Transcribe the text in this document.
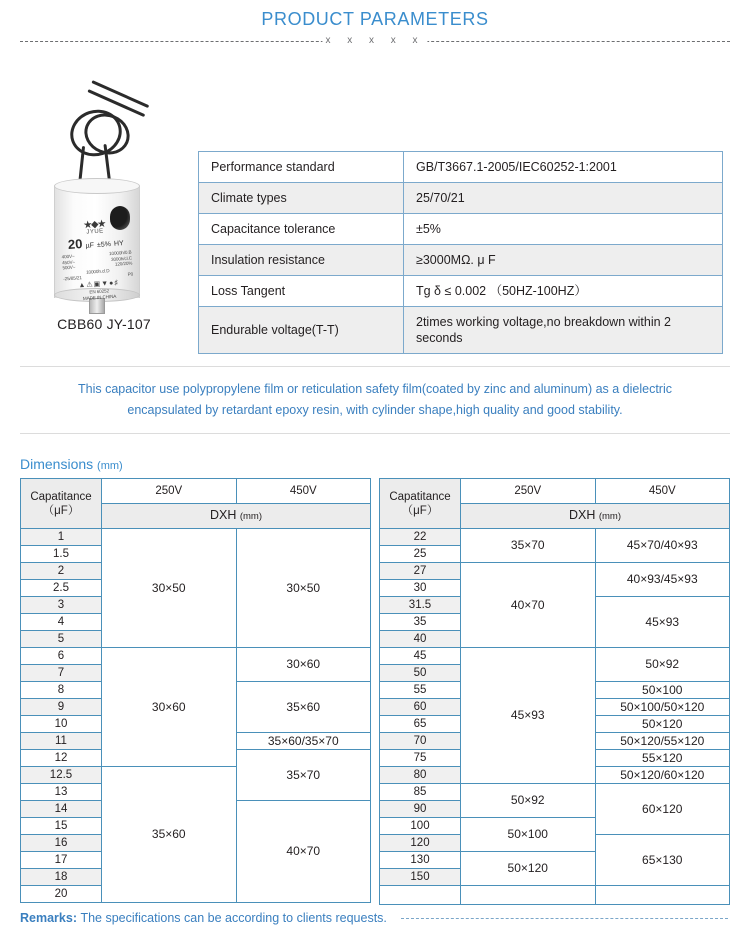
PRODUCT PARAMETERS
x x x x x
★◆★
JYUE
20 µF ±5% HY
400V~
10000h/0.B
450V~
3000h/cl.C
500V~
120/20%
10000h.cl.D
-25/85/21
P0
▲⚠▣▼●♯
EN 60252
MADE IN CHINA
CBB60 JY-107
Performance standard	GB/T3667.1-2005/IEC60252-1:2001
Climate types	25/70/21
Capacitance tolerance	±5%
Insulation resistance	≥3000MΩ. μ F
Loss Tangent	Tg δ ≤ 0.002 （50HZ-100HZ）
Endurable voltage(T-T)	2times working voltage,no breakdown within 2 seconds
This capacitor use polypropylene film or reticulation safety film(coated by zinc and aluminum) as a dielectric
encapsulated by retardant epoxy resin, with cylinder shape,high quality and good stability.
Dimensions (mm)
Capatitance
（μF）	250V	450V
	DXH (mm)	
1	30×50	30×50
1.5		
2		
2.5		
3		
4		
5		
6	30×60	30×60
7		
8		35×60
9		
10		
11		35×60/35×70
12		35×70
12.5	35×60	
13		
14		40×70
15		
16		
17		
18		
20		
Capatitance
（μF）	250V	450V
	DXH (mm)	
22	35×70	45×70/40×93
25		
27	40×70	40×93/45×93
30		
31.5		45×93
35		
40		
45	45×93	50×92
50		
55		50×100
60		50×100/50×120
65		50×120
70		50×120/55×120
75		55×120
80		50×120/60×120
85	50×92	60×120
90		
100	50×100	
120		65×130
130	50×120	
150		

Remarks:
The specifications can be according to clients requests.
